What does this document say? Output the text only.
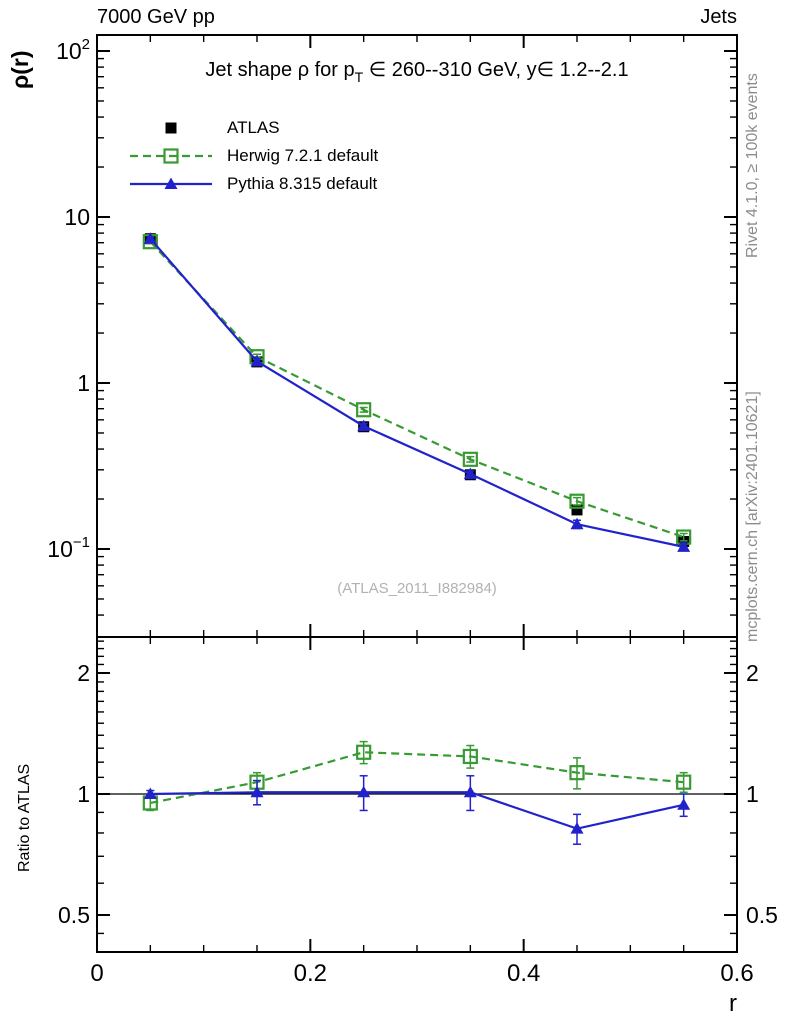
$10^2$
10
1
$10^{-1}$
2	2
1	1
0.5	0.5
0	0.2	0.4	0.6
r
7000 GeV pp	Jets
Jet shape ρ for $p_T$ ∈ 260--310 GeV, y∈ 1.2--2.1
ρ(r)
Ratio to ATLAS
Rivet 4.1.0, ≥ 100k events
mcplots.cern.ch [arXiv:2401.10621]
(ATLAS_2011_I882984)
ATLAS
Herwig 7.2.1 default
Pythia 8.315 default
